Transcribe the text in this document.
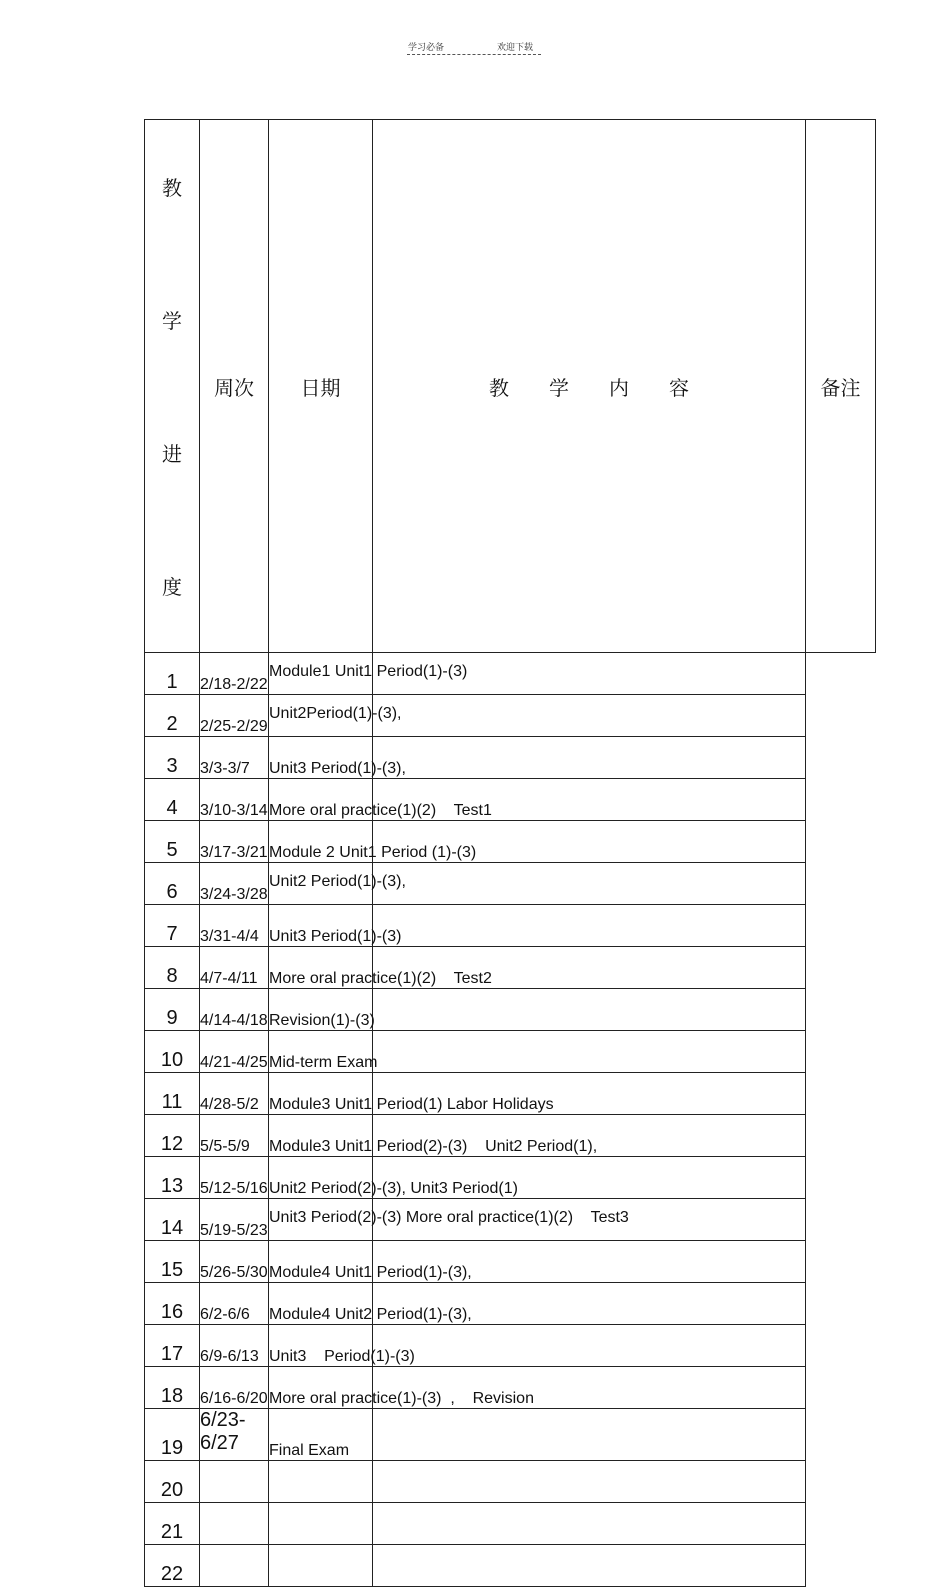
学习必备	欢迎下载
教
学
进
度	周次	日期	教 学 内 容	备注
1	2/18-2/22	Module1 Unit1 Period(1)-(3)		
2	2/25-2/29	Unit2Period(1)-(3),		
3	3/3-3/7	Unit3 Period(1)-(3),		
4	3/10-3/14	More oral practice(1)(2)    Test1		
5	3/17-3/21	Module 2 Unit1 Period (1)-(3)		
6	3/24-3/28	Unit2 Period(1)-(3),		
7	3/31-4/4	Unit3 Period(1)-(3)		
8	4/7-4/11	More oral practice(1)(2)    Test2		
9	4/14-4/18	Revision(1)-(3)		
10	4/21-4/25	Mid-term Exam		
11	4/28-5/2	Module3 Unit1 Period(1) Labor Holidays		
12	5/5-5/9	Module3 Unit1 Period(2)-(3)    Unit2 Period(1),		
13	5/12-5/16	Unit2 Period(2)-(3), Unit3 Period(1)		
14	5/19-5/23	Unit3 Period(2)-(3) More oral practice(1)(2)    Test3		
15	5/26-5/30	Module4 Unit1 Period(1)-(3),		
16	6/2-6/6	Module4 Unit2 Period(1)-(3),		
17	6/9-6/13	Unit3    Period(1)-(3)		
18	6/16-6/20	More oral practice(1)-(3)  ,    Revision		
19	6/23-6/27	Final Exam		
20				
21				
22				
